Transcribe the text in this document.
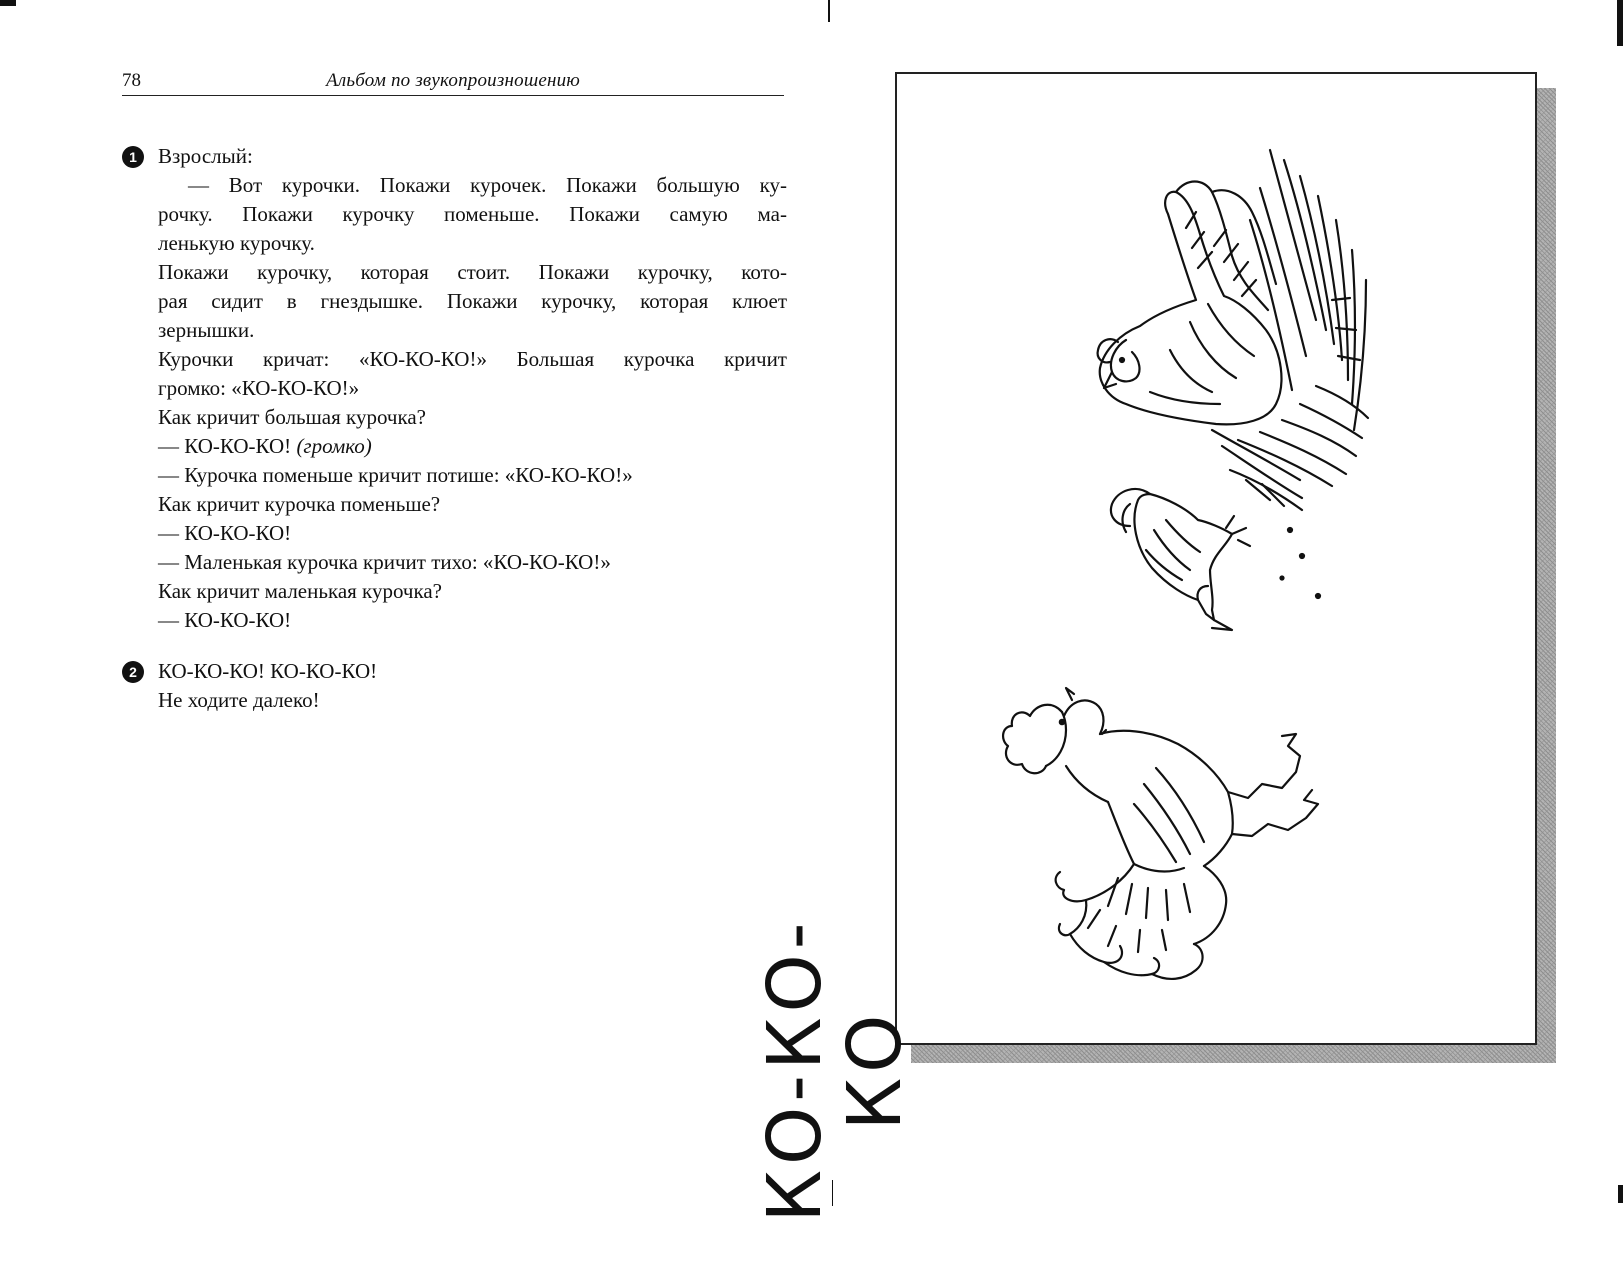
78	Альбом по звукопроизношению
1	Взрослый:
— Вот курочки. Покажи курочек. Покажи большую ку-
рочку. Покажи курочку поменьше. Покажи самую ма-
ленькую курочку.
Покажи курочку, которая стоит. Покажи курочку, кото-
рая сидит в гнездышке. Покажи курочку, которая клюет
зернышки.
Курочки кричат: «КО-КО-КО!» Большая курочка кричит
громко: «КО-КО-КО!»
Как кричит большая курочка?
— КО-КО-КО! (громко)
— Курочка поменьше кричит потише: «КО-КО-КО!»
Как кричит курочка поменьше?
— КО-КО-КО!
— Маленькая курочка кричит тихо: «КО-КО-КО!»
Как кричит маленькая курочка?
— КО-КО-КО!
2	КО-КО-КО! КО-КО-КО!
Не ходите далеко!
КО-КО-КО
